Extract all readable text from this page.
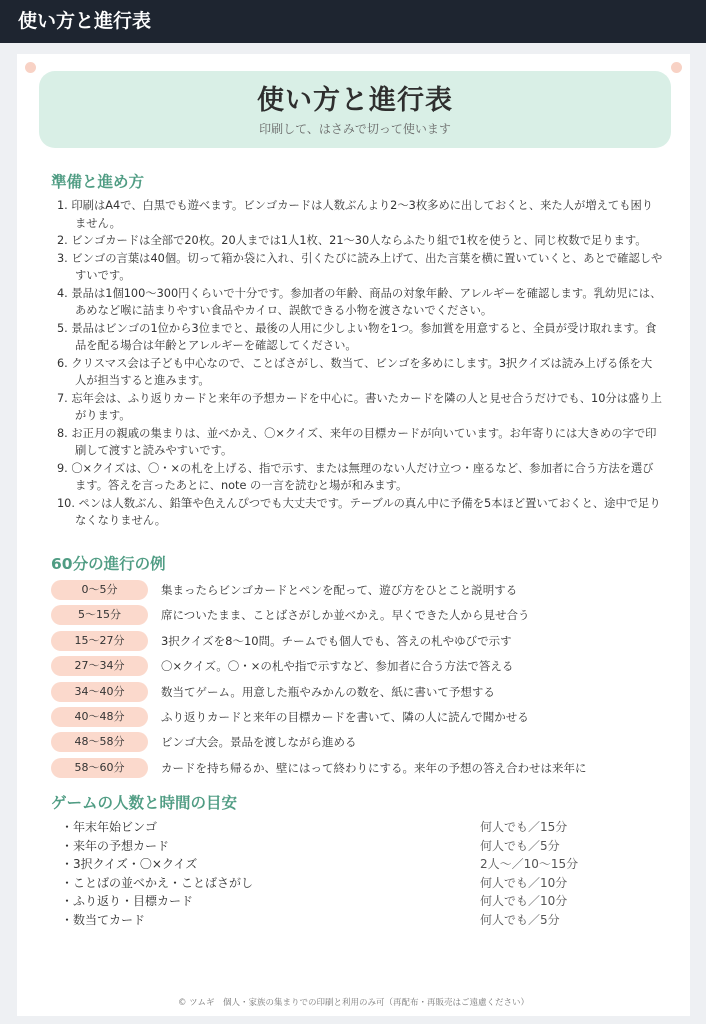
使い方と進行表
使い方と進行表
印刷して、はさみで切って使います
準備と進め方
1. 印刷はA4で、白黒でも遊べます。ビンゴカードは人数ぶんより2〜3枚多めに出しておくと、来た人が増えても困りません。
2. ビンゴカードは全部で20枚。20人までは1人1枚、21〜30人ならふたり組で1枚を使うと、同じ枚数で足ります。
3. ビンゴの言葉は40個。切って箱か袋に入れ、引くたびに読み上げて、出た言葉を横に置いていくと、あとで確認しやすいです。
4. 景品は1個100〜300円くらいで十分です。参加者の年齢、商品の対象年齢、アレルギーを確認します。乳幼児には、あめなど喉に詰まりやすい食品やカイロ、誤飲できる小物を渡さないでください。
5. 景品はビンゴの1位から3位までと、最後の人用に少しよい物を1つ。参加賞を用意すると、全員が受け取れます。食品を配る場合は年齢とアレルギーを確認してください。
6. クリスマス会は子ども中心なので、ことばさがし、数当て、ビンゴを多めにします。3択クイズは読み上げる係を大人が担当すると進みます。
7. 忘年会は、ふり返りカードと来年の予想カードを中心に。書いたカードを隣の人と見せ合うだけでも、10分は盛り上がります。
8. お正月の親戚の集まりは、並べかえ、〇×クイズ、来年の目標カードが向いています。お年寄りには大きめの字で印刷して渡すと読みやすいです。
9. 〇×クイズは、〇・×の札を上げる、指で示す、または無理のない人だけ立つ・座るなど、参加者に合う方法を選びます。答えを言ったあとに、note の一言を読むと場が和みます。
10. ペンは人数ぶん、鉛筆や色えんぴつでも大丈夫です。テーブルの真ん中に予備を5本ほど置いておくと、途中で足りなくなりません。
60分の進行の例
0〜5分	集まったらビンゴカードとペンを配って、遊び方をひとこと説明する
5〜15分	席についたまま、ことばさがしか並べかえ。早くできた人から見せ合う
15〜27分	3択クイズを8〜10問。チームでも個人でも、答えの札やゆびで示す
27〜34分	〇×クイズ。〇・×の札や指で示すなど、参加者に合う方法で答える
34〜40分	数当てゲーム。用意した瓶やみかんの数を、紙に書いて予想する
40〜48分	ふり返りカードと来年の目標カードを書いて、隣の人に読んで聞かせる
48〜58分	ビンゴ大会。景品を渡しながら進める
58〜60分	カードを持ち帰るか、壁にはって終わりにする。来年の予想の答え合わせは来年に
ゲームの人数と時間の目安
・年末年始ビンゴ	何人でも／15分
・来年の予想カード	何人でも／5分
・3択クイズ・〇×クイズ	2人〜／10〜15分
・ことばの並べかえ・ことばさがし	何人でも／10分
・ふり返り・目標カード	何人でも／10分
・数当てカード	何人でも／5分
© ツムギ　個人・家族の集まりでの印刷と利用のみ可（再配布・再販売はご遠慮ください）
